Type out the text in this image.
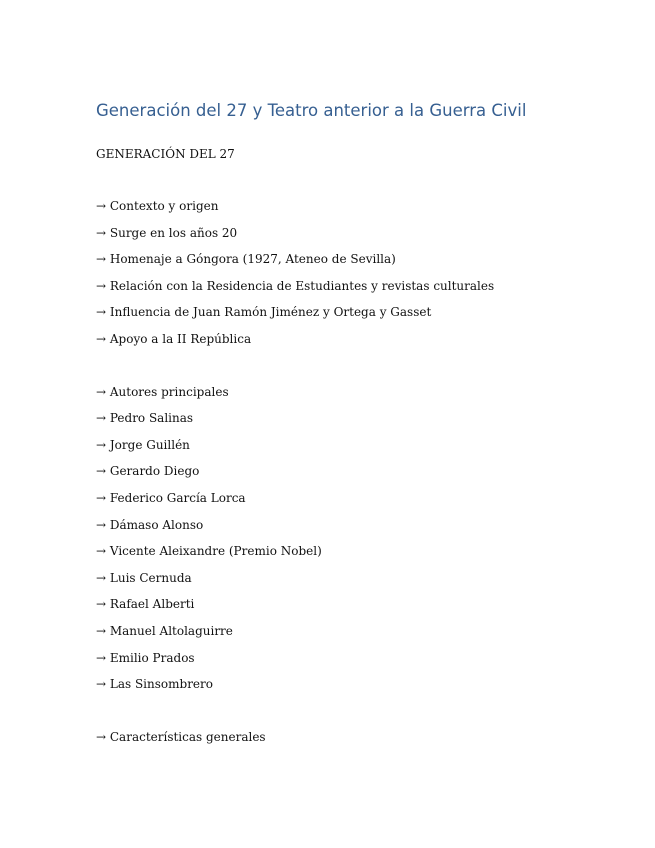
Generación del 27 y Teatro anterior a la Guerra Civil

GENERACIÓN DEL 27

→ Contexto y origen
→ Surge en los años 20
→ Homenaje a Góngora (1927, Ateneo de Sevilla)
→ Relación con la Residencia de Estudiantes y revistas culturales
→ Influencia de Juan Ramón Jiménez y Ortega y Gasset
→ Apoyo a la II República
→ Autores principales
→ Pedro Salinas
→ Jorge Guillén
→ Gerardo Diego
→ Federico García Lorca
→ Dámaso Alonso
→ Vicente Aleixandre (Premio Nobel)
→ Luis Cernuda
→ Rafael Alberti
→ Manuel Altolaguirre
→ Emilio Prados
→ Las Sinsombrero
→ Características generales
